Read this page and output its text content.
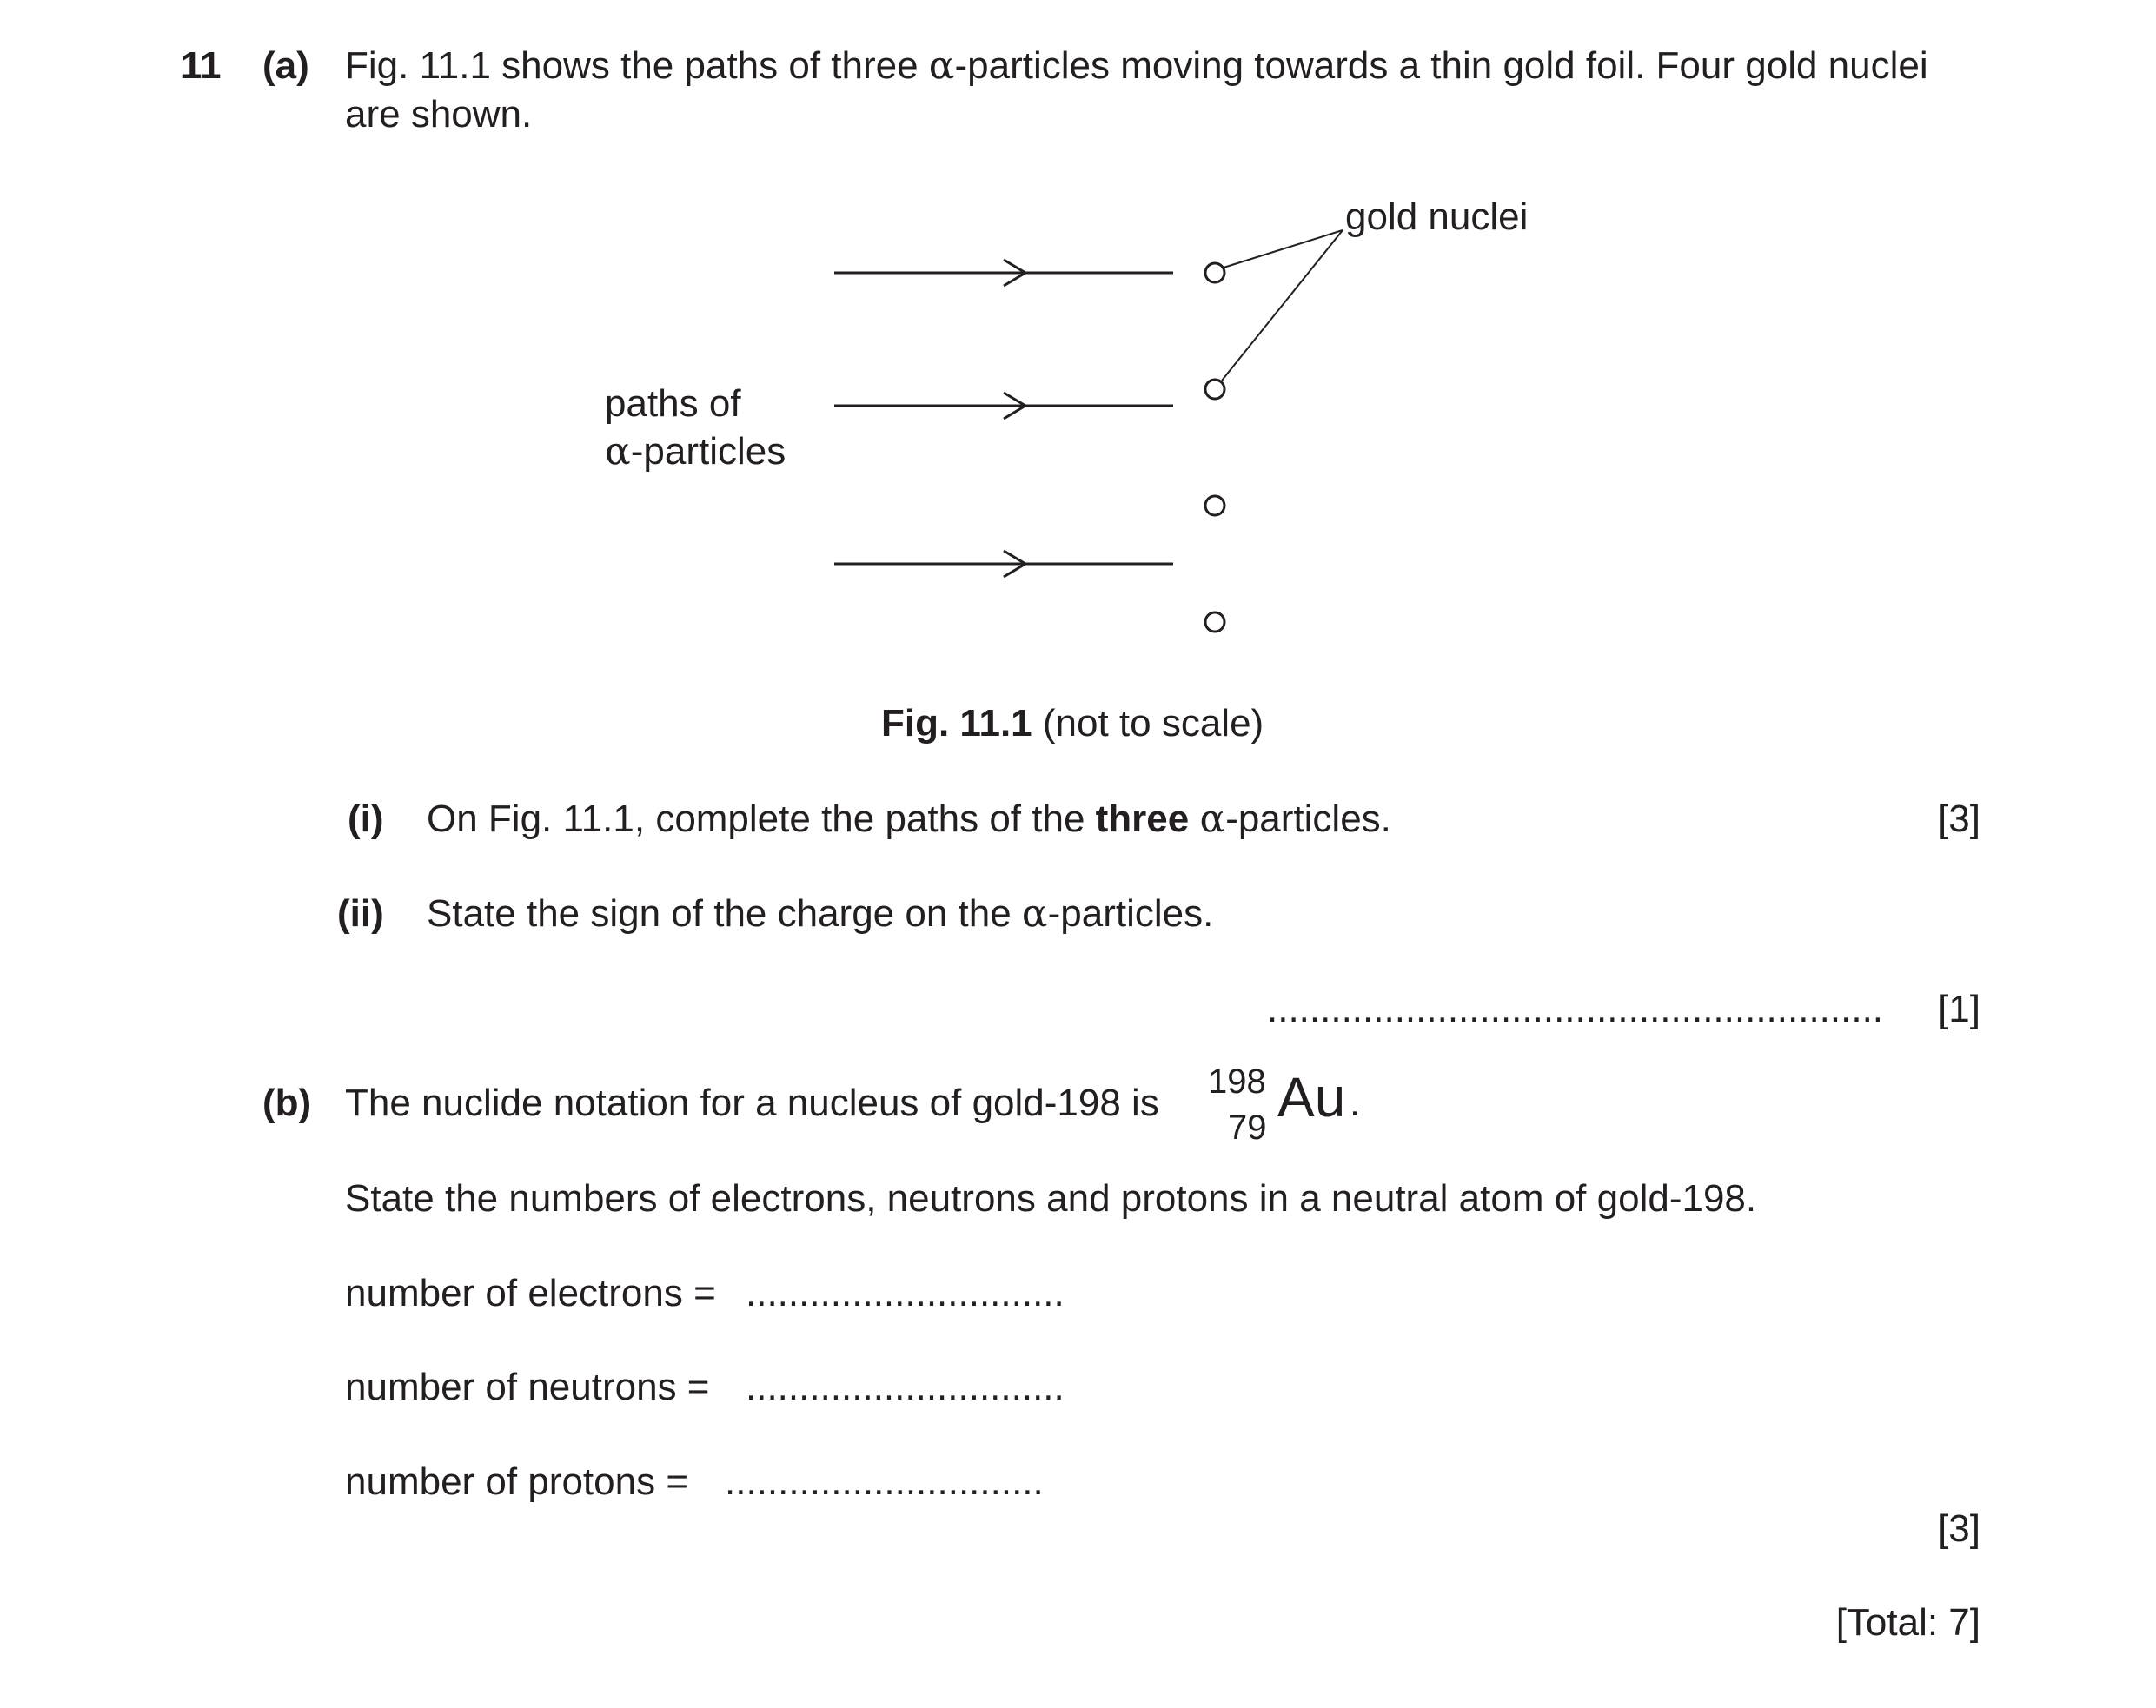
11 (a) Fig. 11.1 shows the paths of three α-particles moving towards a thin gold foil. Four gold nuclei
are shown.
gold nuclei
paths of
α-particles
Fig. 11.1 (not to scale)
(i) On Fig. 11.1, complete the paths of the three α-particles.	[3]
(ii) State the sign of the charge on the α-particles.
.......................................................... [1]
(b) The nuclide notation for a nucleus of gold-198 is 198
79 Au .
State the numbers of electrons, neutrons and protons in a neutral atom of gold-198.
number of electrons = ..............................
number of neutrons = ..............................
number of protons = ..............................
[3]
[Total: 7]
